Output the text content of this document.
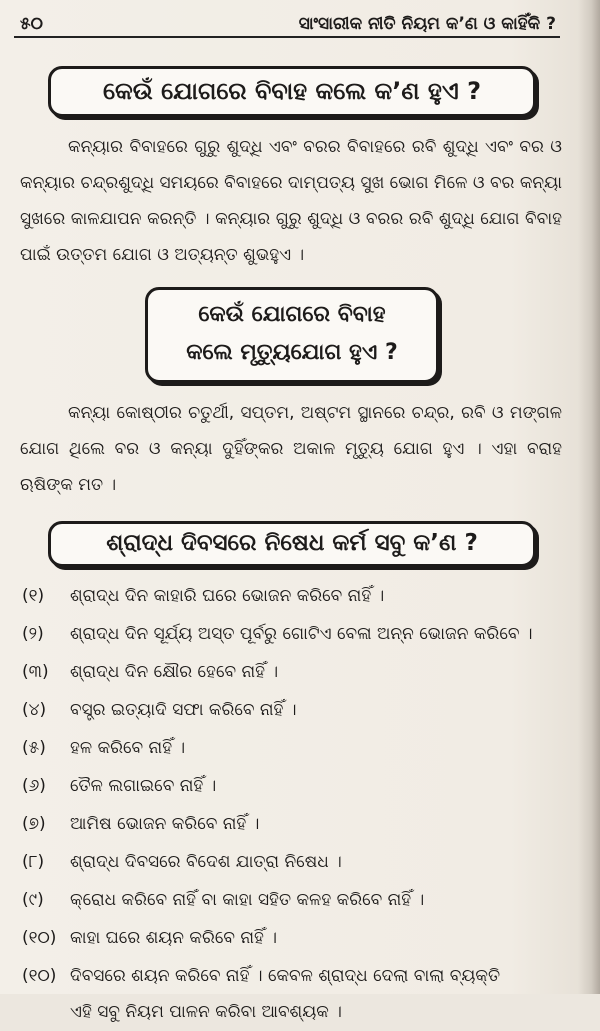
୫୦	ସାଂସାରୀକ ନୀତି ନିୟମ କ’ଣ ଓ କାହିଁକି ?
କେଉଁ ଯୋଗରେ ବିବାହ କଲେ କ’ଣ ହୁଏ ?
କନ୍ୟାର ବିବାହରେ ଗୁରୁ ଶୁଦ୍ଧି ଏବଂ ବରର ବିବାହରେ ରବି ଶୁଦ୍ଧି ଏବଂ ବର ଓ କନ୍ୟାର ଚନ୍ଦ୍ରଶୁଦ୍ଧି ସମୟରେ ବିବାହରେ ଦାମ୍ପତ୍ୟ ସୁଖ ଭୋଗ ମିଳେ ଓ ବର କନ୍ୟା ସୁଖରେ କାଳଯାପନ କରନ୍ତି । କନ୍ୟାର ଗୁରୁ ଶୁଦ୍ଧି ଓ ବରର ରବି ଶୁଦ୍ଧି ଯୋଗ ବିବାହ ପାଇଁ ଉତ୍ତମ ଯୋଗ ଓ ଅତ୍ୟନ୍ତ ଶୁଭହୁଏ ।
କେଉଁ ଯୋଗରେ ବିବାହ
କଲେ ମୃତ୍ୟୁଯୋଗ ହୁଏ ?
କନ୍ୟା କୋଷ୍ଠୀର ଚତୁର୍ଥୀ, ସପ୍ତମ, ଅଷ୍ଟମ ସ୍ଥାନରେ ଚନ୍ଦ୍ର, ରବି ଓ ମଙ୍ଗଳ ଯୋଗ ଥିଲେ ବର ଓ କନ୍ୟା ଦୁହିଁଙ୍କର ଅକାଳ ମୃତ୍ୟୁ ଯୋଗ ହୁଏ । ଏହା ବରାହ ଋଷିଙ୍କ ମତ ।
ଶ୍ରାଦ୍ଧ ଦିବସରେ ନିଷେଧ କର୍ମ ସବୁ କ’ଣ ?
(୧)	ଶ୍ରାଦ୍ଧ ଦିନ କାହାରି ଘରେ ଭୋଜନ କରିବେ ନାହିଁ ।
(୨)	ଶ୍ରାଦ୍ଧ ଦିନ ସୂର୍ଯ୍ୟ ଅସ୍ତ ପୂର୍ବରୁ ଗୋଟିଏ ବେଳା ଅନ୍ନ ଭୋଜନ କରିବେ ।
(୩)	ଶ୍ରାଦ୍ଧ ଦିନ କ୍ଷୌର ହେବେ ନାହିଁ ।
(୪)	ବସ୍ତ୍ର ଇତ୍ୟାଦି ସଫା କରିବେ ନାହିଁ ।
(୫)	ହଳ କରିବେ ନାହିଁ ।
(୬)	ତୈଳ ଲଗାଇବେ ନାହିଁ ।
(୭)	ଆମିଷ ଭୋଜନ କରିବେ ନାହିଁ ।
(୮)	ଶ୍ରାଦ୍ଧ ଦିବସରେ ବିଦେଶ ଯାତ୍ରା ନିଷେଧ ।
(୯)	କ୍ରୋଧ କରିବେ ନାହିଁ ବା କାହା ସହିତ କଳହ କରିବେ ନାହିଁ ।
(୧୦) କାହା ଘରେ ଶୟନ କରିବେ ନାହିଁ ।
(୧୦) ଦିବସରେ ଶୟନ କରିବେ ନାହିଁ । କେବଳ ଶ୍ରାଦ୍ଧ ଦେଲା ବାଲା ବ୍ୟକ୍ତି
ଏହି ସବୁ ନିୟମ ପାଳନ କରିବା ଆବଶ୍ୟକ ।
